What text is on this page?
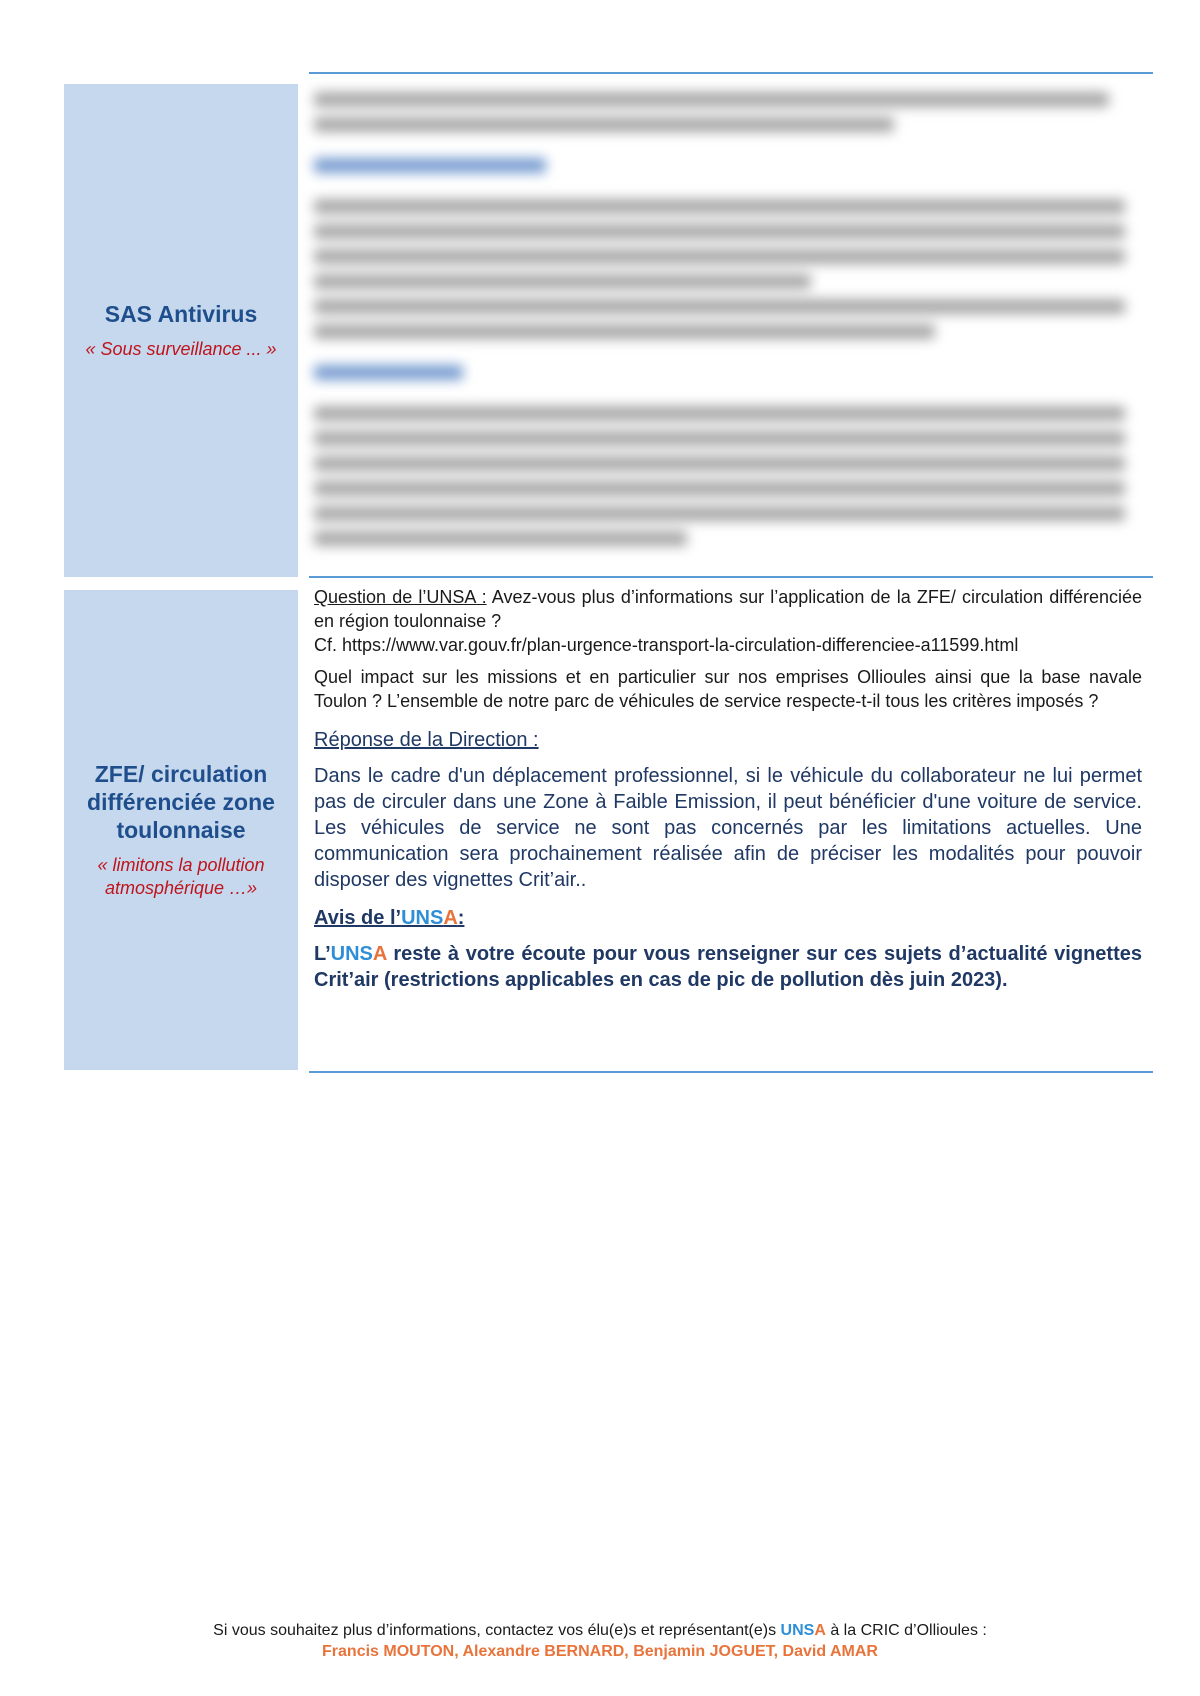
SAS Antivirus
« Sous surveillance ... »
ZFE/ circulation différenciée zone toulonnaise
« limitons la pollution atmosphérique …»
Question de l’UNSA : Avez-vous plus d’informations sur l’application de la ZFE/ circulation différenciée en région toulonnaise ?
Cf. https://www.var.gouv.fr/plan-urgence-transport-la-circulation-differenciee-a11599.html
Quel impact sur les missions et en particulier sur nos emprises Ollioules ainsi que la base navale Toulon ? L’ensemble de notre parc de véhicules de service respecte-t-il tous les critères imposés ?
Réponse de la Direction :
Dans le cadre d'un déplacement professionnel, si le véhicule du collaborateur ne lui permet pas de circuler dans une Zone à Faible Emission, il peut bénéficier d'une voiture de service. Les véhicules de service ne sont pas concernés par les limitations actuelles. Une communication sera prochainement réalisée afin de préciser les modalités pour pouvoir disposer des vignettes Crit’air..
Avis de l’UNSA:
L’UNSA reste à votre écoute pour vous renseigner sur ces sujets d’actualité vignettes Crit’air (restrictions applicables en cas de pic de pollution dès juin 2023).
Si vous souhaitez plus d’informations, contactez vos élu(e)s et représentant(e)s UNSA à la CRIC d’Ollioules :
Francis MOUTON, Alexandre BERNARD, Benjamin JOGUET, David AMAR
